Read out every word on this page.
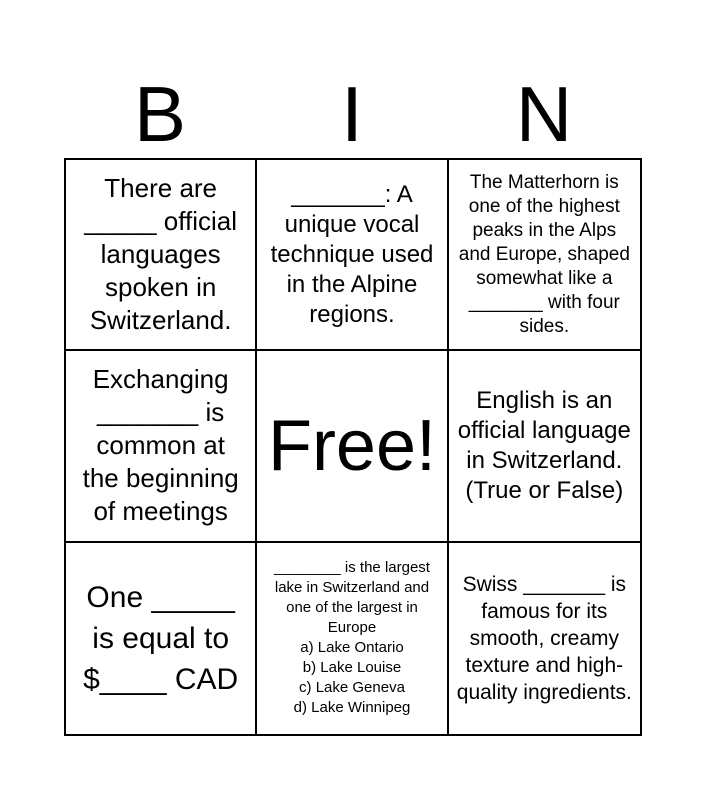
B	I	N
There are _____ official languages spoken in Switzerland.
_______: A unique vocal technique used in the Alpine regions.
The Matterhorn is one of the highest peaks in the Alps and Europe, shaped somewhat like a _______ with four sides.
Exchanging _______ is common at the beginning of meetings
Free!
English is an official language in Switzerland. (True or False)
One _____ is equal to $____ CAD
________ is the largest lake in Switzerland and one of the largest in Europe
a) Lake Ontario
b) Lake Louise
c) Lake Geneva
d) Lake Winnipeg
Swiss _______ is famous for its smooth, creamy texture and high-quality ingredients.
